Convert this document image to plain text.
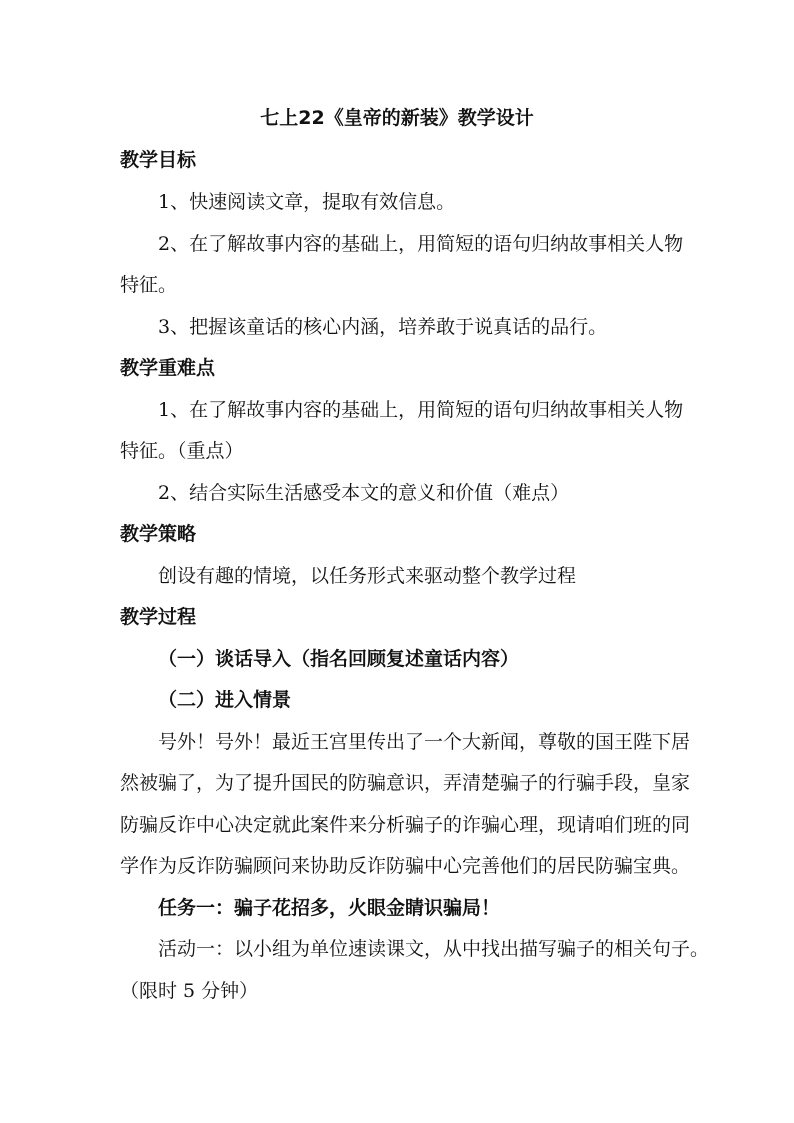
七上22《皇帝的新装》教学设计
教学目标
1、快速阅读文章，提取有效信息。
2、在了解故事内容的基础上，用简短的语句归纳故事相关人物
特征。
3、把握该童话的核心内涵，培养敢于说真话的品行。
教学重难点
1、在了解故事内容的基础上，用简短的语句归纳故事相关人物
特征。（重点）
2、结合实际生活感受本文的意义和价值（难点）
教学策略
创设有趣的情境，以任务形式来驱动整个教学过程
教学过程
（一）谈话导入（指名回顾复述童话内容）
（二）进入情景
号外！号外！最近王宫里传出了一个大新闻，尊敬的国王陛下居
然被骗了，为了提升国民的防骗意识，弄清楚骗子的行骗手段，皇家
防骗反诈中心决定就此案件来分析骗子的诈骗心理，现请咱们班的同
学作为反诈防骗顾问来协助反诈防骗中心完善他们的居民防骗宝典。
任务一：骗子花招多，火眼金睛识骗局！
活动一：以小组为单位速读课文，从中找出描写骗子的相关句子。
（限时 5 分钟）
